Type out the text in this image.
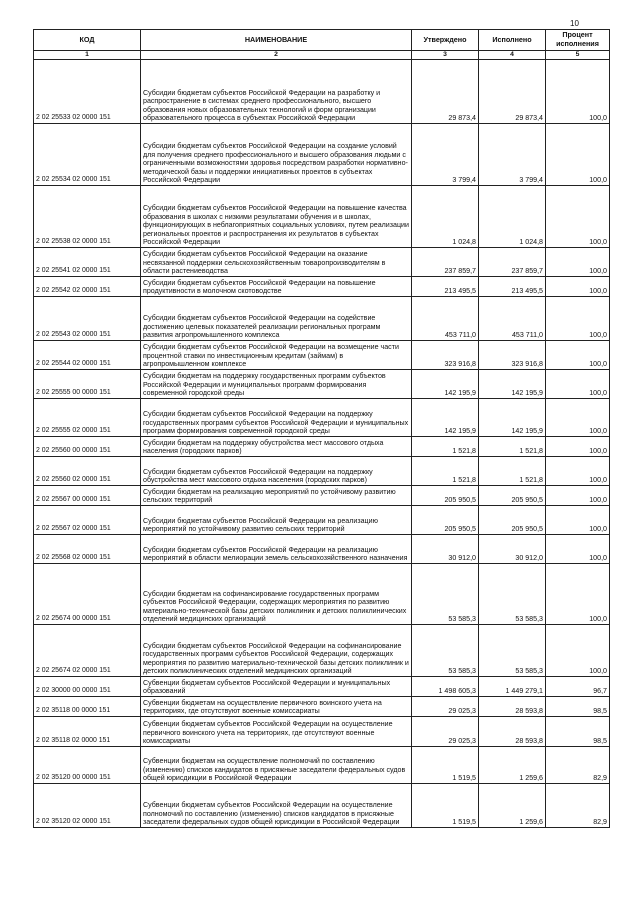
10
КОД	НАИМЕНОВАНИЕ	Утверждено	Исполнено	Процент исполнения
1	2	3	4	5
2 02 25533 02 0000 151	Субсидии бюджетам субъектов Российской Федерации на разработку и распространение в системах среднего профессионального, высшего образования новых образовательных технологий и форм организации образовательного процесса в субъектах Российской Федерации	29 873,4	29 873,4	100,0
2 02 25534 02 0000 151	Субсидии бюджетам субъектов Российской Федерации на создание условий для получения среднего профессионального и высшего образования людьми с ограниченными возможностями здоровья посредством разработки нормативно-методической базы и поддержки инициативных проектов в субъектах Российской Федерации	3 799,4	3 799,4	100,0
2 02 25538 02 0000 151	Субсидии бюджетам субъектов Российской Федерации на повышение качества образования в школах с низкими результатами обучения и в школах, функционирующих в неблагоприятных социальных условиях, путем реализации региональных проектов и распространения их результатов в субъектах Российской Федерации	1 024,8	1 024,8	100,0
2 02 25541 02 0000 151	Субсидии бюджетам субъектов Российской Федерации на оказание несвязанной поддержки сельскохозяйственным товаропроизводителям в области растениеводства	237 859,7	237 859,7	100,0
2 02 25542 02 0000 151	Субсидии бюджетам субъектов Российской Федерации на повышение продуктивности в молочном скотоводстве	213 495,5	213 495,5	100,0
2 02 25543 02 0000 151	Субсидии бюджетам субъектов Российской Федерации на содействие достижению целевых показателей реализации региональных программ развития агропромышленного комплекса	453 711,0	453 711,0	100,0
2 02 25544 02 0000 151	Субсидии бюджетам субъектов Российской Федерации на возмещение части процентной ставки по инвестиционным кредитам (займам) в агропромышленном комплексе	323 916,8	323 916,8	100,0
2 02 25555 00 0000 151	Субсидии бюджетам на поддержку государственных программ субъектов Российской Федерации и муниципальных программ формирования современной городской среды	142 195,9	142 195,9	100,0
2 02 25555 02 0000 151	Субсидии бюджетам субъектов Российской Федерации на поддержку государственных программ субъектов Российской Федерации и муниципальных программ формирования современной городской среды	142 195,9	142 195,9	100,0
2 02 25560 00 0000 151	Субсидии бюджетам на поддержку обустройства мест массового отдыха населения (городских парков)	1 521,8	1 521,8	100,0
2 02 25560 02 0000 151	Субсидии бюджетам субъектов Российской Федерации на поддержку обустройства мест массового отдыха населения (городских парков)	1 521,8	1 521,8	100,0
2 02 25567 00 0000 151	Субсидии бюджетам на реализацию мероприятий по устойчивому развитию сельских территорий	205 950,5	205 950,5	100,0
2 02 25567 02 0000 151	Субсидии бюджетам субъектов Российской Федерации на реализацию мероприятий по устойчивому развитию сельских территорий	205 950,5	205 950,5	100,0
2 02 25568 02 0000 151	Субсидии бюджетам субъектов Российской Федерации на реализацию мероприятий в области мелиорации земель сельскохозяйственного назначения	30 912,0	30 912,0	100,0
2 02 25674 00 0000 151	Субсидии бюджетам на софинансирование государственных программ субъектов Российской Федерации, содержащих мероприятия по развитию материально-технической базы детских поликлиник и детских поликлинических отделений медицинских организаций	53 585,3	53 585,3	100,0
2 02 25674 02 0000 151	Субсидии бюджетам субъектов Российской Федерации на софинансирование государственных программ субъектов Российской Федерации, содержащих мероприятия по развитию материально-технической базы детских поликлиник и детских поликлинических отделений медицинских организаций	53 585,3	53 585,3	100,0
2 02 30000 00 0000 151	Субвенции бюджетам субъектов Российской Федерации и муниципальных образований	1 498 605,3	1 449 279,1	96,7
2 02 35118 00 0000 151	Субвенции бюджетам на осуществление первичного воинского учета на территориях, где отсутствуют военные комиссариаты	29 025,3	28 593,8	98,5
2 02 35118 02 0000 151	Субвенции бюджетам субъектов Российской Федерации на осуществление первичного воинского учета на территориях, где отсутствуют военные комиссариаты	29 025,3	28 593,8	98,5
2 02 35120 00 0000 151	Субвенции бюджетам на осуществление полномочий по составлению (изменению) списков кандидатов в присяжные заседатели федеральных судов общей юрисдикции в Российской Федерации	1 519,5	1 259,6	82,9
2 02 35120 02 0000 151	Субвенции бюджетам субъектов Российской Федерации на осуществление полномочий по составлению (изменению) списков кандидатов в присяжные заседатели федеральных судов общей юрисдикции в Российской Федерации	1 519,5	1 259,6	82,9
